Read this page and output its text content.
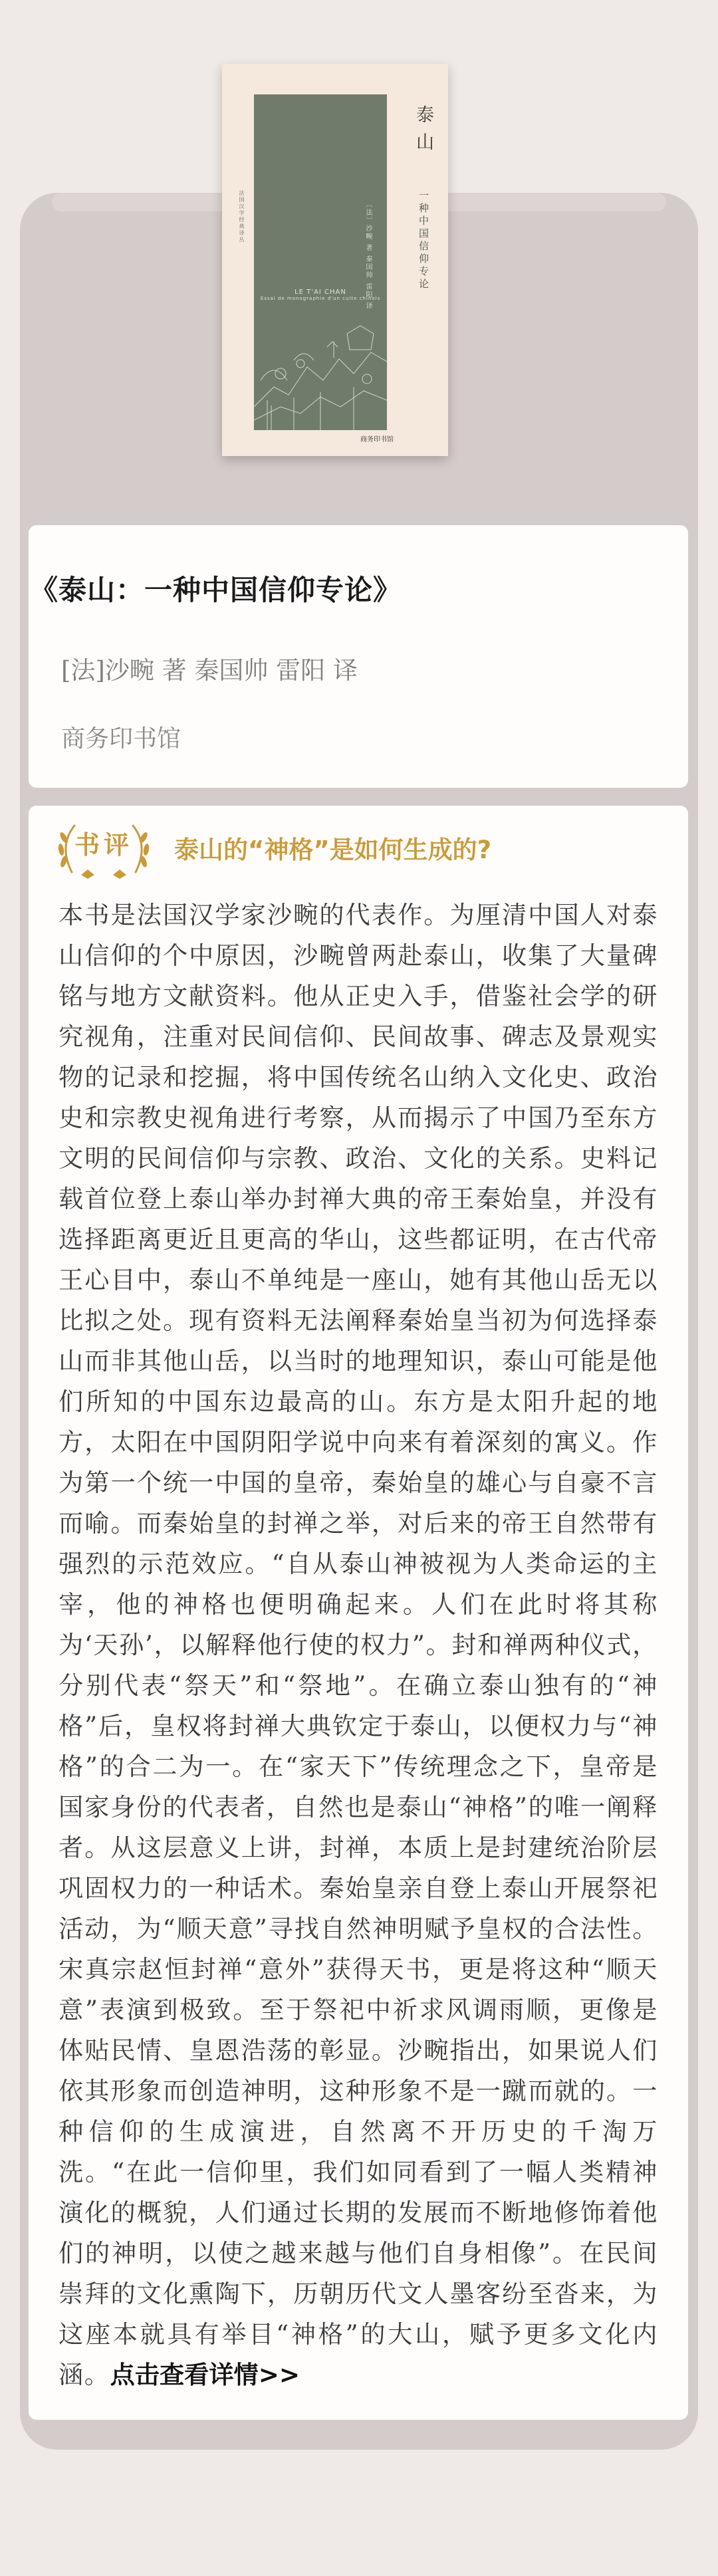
LE T'AI CHAN
Essai de monographie d'un culte chinois
〔法〕沙畹 著 秦国帅 雷阳 译
泰山
一种中国信仰专论
法国汉学经典译丛
商务印书馆
《泰山：一种中国信仰专论》
[法]沙畹 著 秦国帅 雷阳 译
商务印书馆
书评	泰山的“神格”是如何生成的?
本书是法国汉学家沙畹的代表作。为厘清中国人对泰山信仰的个中原因，沙畹曾两赴泰山，收集了大量碑铭与地方文献资料。他从正史入手，借鉴社会学的研究视角，注重对民间信仰、民间故事、碑志及景观实物的记录和挖掘，将中国传统名山纳入文化史、政治史和宗教史视角进行考察，从而揭示了中国乃至东方文明的民间信仰与宗教、政治、文化的关系。史料记载首位登上泰山举办封禅大典的帝王秦始皇，并没有选择距离更近且更高的华山，这些都证明，在古代帝王心目中，泰山不单纯是一座山，她有其他山岳无以比拟之处。现有资料无法阐释秦始皇当初为何选择泰山而非其他山岳，以当时的地理知识，泰山可能是他们所知的中国东边最高的山。东方是太阳升起的地方，太阳在中国阴阳学说中向来有着深刻的寓义。作为第一个统一中国的皇帝，秦始皇的雄心与自豪不言而喻。而秦始皇的封禅之举，对后来的帝王自然带有强烈的示范效应。“自从泰山神被视为人类命运的主宰，他的神格也便明确起来。人们在此时将其称为‘天孙’，以解释他行使的权力”。封和禅两种仪式，分别代表“祭天”和“祭地”。在确立泰山独有的“神格”后，皇权将封禅大典钦定于泰山，以便权力与“神格”的合二为一。在“家天下”传统理念之下，皇帝是国家身份的代表者，自然也是泰山“神格”的唯一阐释者。从这层意义上讲，封禅，本质上是封建统治阶层巩固权力的一种话术。秦始皇亲自登上泰山开展祭祀活动，为“顺天意”寻找自然神明赋予皇权的合法性。宋真宗赵恒封禅“意外”获得天书，更是将这种“顺天意”表演到极致。至于祭祀中祈求风调雨顺，更像是体贴民情、皇恩浩荡的彰显。沙畹指出，如果说人们依其形象而创造神明，这种形象不是一蹴而就的。一种信仰的生成演进，自然离不开历史的千淘万洗。“在此一信仰里，我们如同看到了一幅人类精神演化的概貌，人们通过长期的发展而不断地修饰着他们的神明，以使之越来越与他们自身相像”。在民间崇拜的文化熏陶下，历朝历代文人墨客纷至沓来，为这座本就具有举目“神格”的大山，赋予更多文化内涵。点击查看详情>>
